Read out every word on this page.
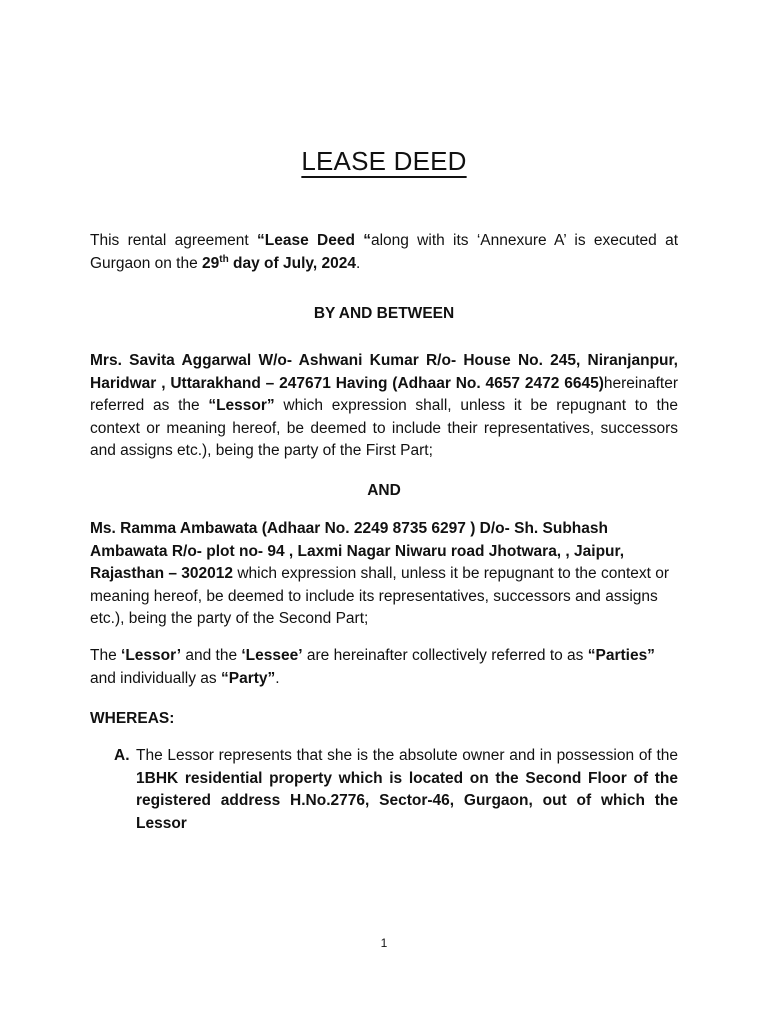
LEASE DEED

This rental agreement “Lease Deed “along with its ‘Annexure A’ is executed at Gurgaon on the 29th day of July, 2024.

BY AND BETWEEN

Mrs. Savita Aggarwal W/o- Ashwani Kumar R/o- House No. 245, Niranjanpur, Haridwar , Uttarakhand – 247671 Having (Adhaar No. 4657 2472 6645)hereinafter referred as the “Lessor” which expression shall, unless it be repugnant to the context or meaning hereof, be deemed to include their representatives, successors and assigns etc.), being the party of the First Part;

AND

Ms. Ramma Ambawata (Adhaar No. 2249 8735 6297 ) D/o- Sh. Subhash Ambawata R/o- plot no- 94 , Laxmi Nagar Niwaru road Jhotwara, , Jaipur, Rajasthan – 302012 which expression shall, unless it be repugnant to the context or meaning hereof, be deemed to include its representatives, successors and assigns etc.), being the party of the Second Part;

The ‘Lessor’ and the ‘Lessee’ are hereinafter collectively referred to as “Parties” and individually as “Party”.

WHEREAS:
A. The Lessor represents that she is the absolute owner and in possession of the 1BHK residential property which is located on the Second Floor of the registered address H.No.2776, Sector-46, Gurgaon, out of which the Lessor
1
